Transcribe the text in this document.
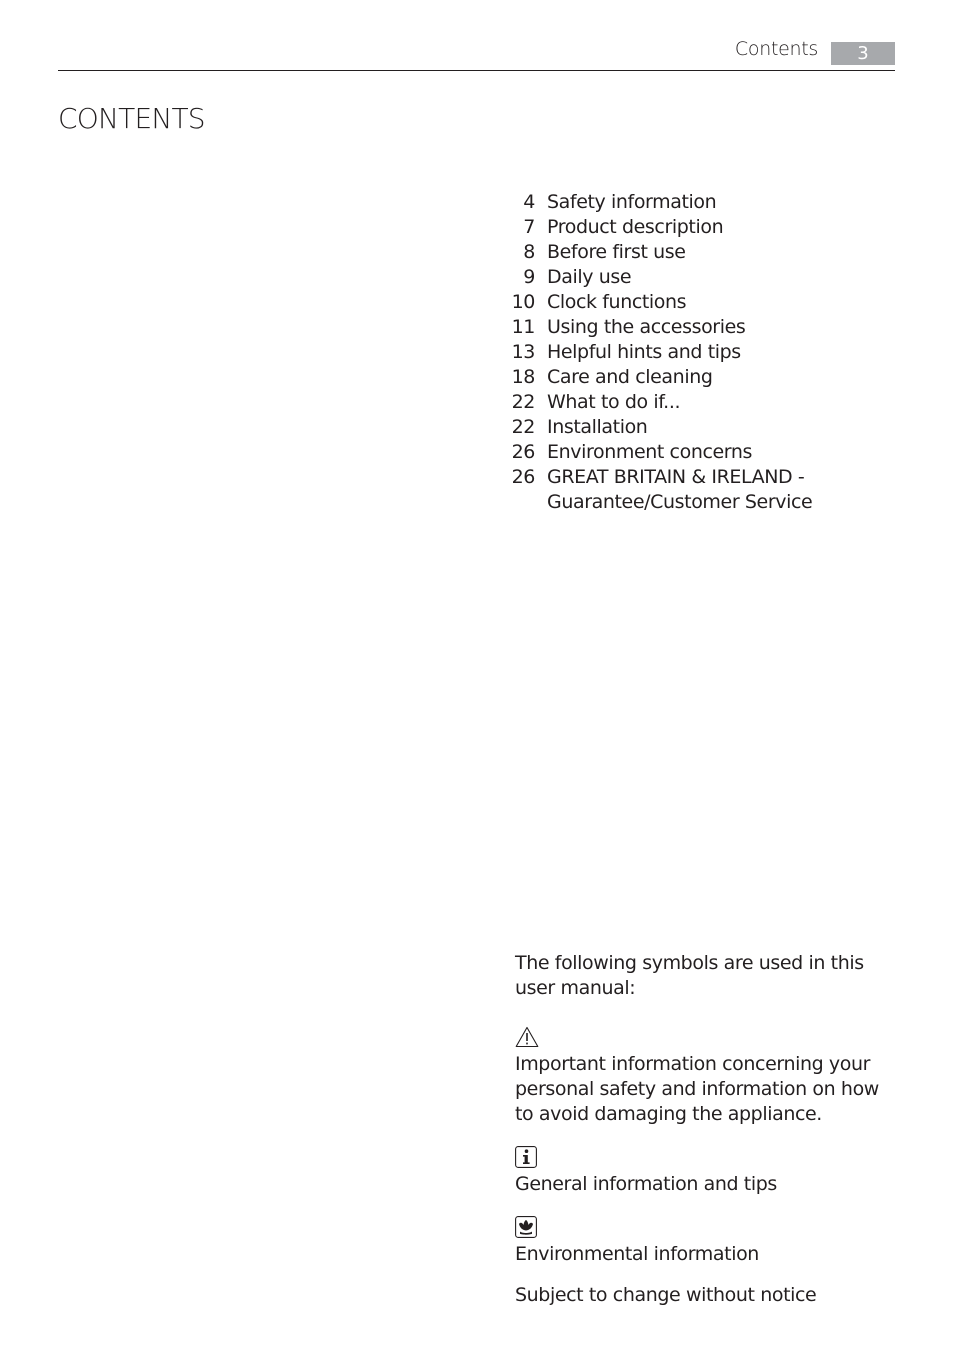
Contents	3
CONTENTS
4 Safety information
7 Product description
8 Before first use
9 Daily use
10 Clock functions
11 Using the accessories
13 Helpful hints and tips
18 Care and cleaning
22 What to do if...
22 Installation
26 Environment concerns
26 GREAT BRITAIN & IRELAND -
Guarantee/Customer Service
The following symbols are used in this user manual:
Important information concerning your personal safety and information on how to avoid damaging the appliance.
General information and tips
Environmental information
Subject to change without notice
